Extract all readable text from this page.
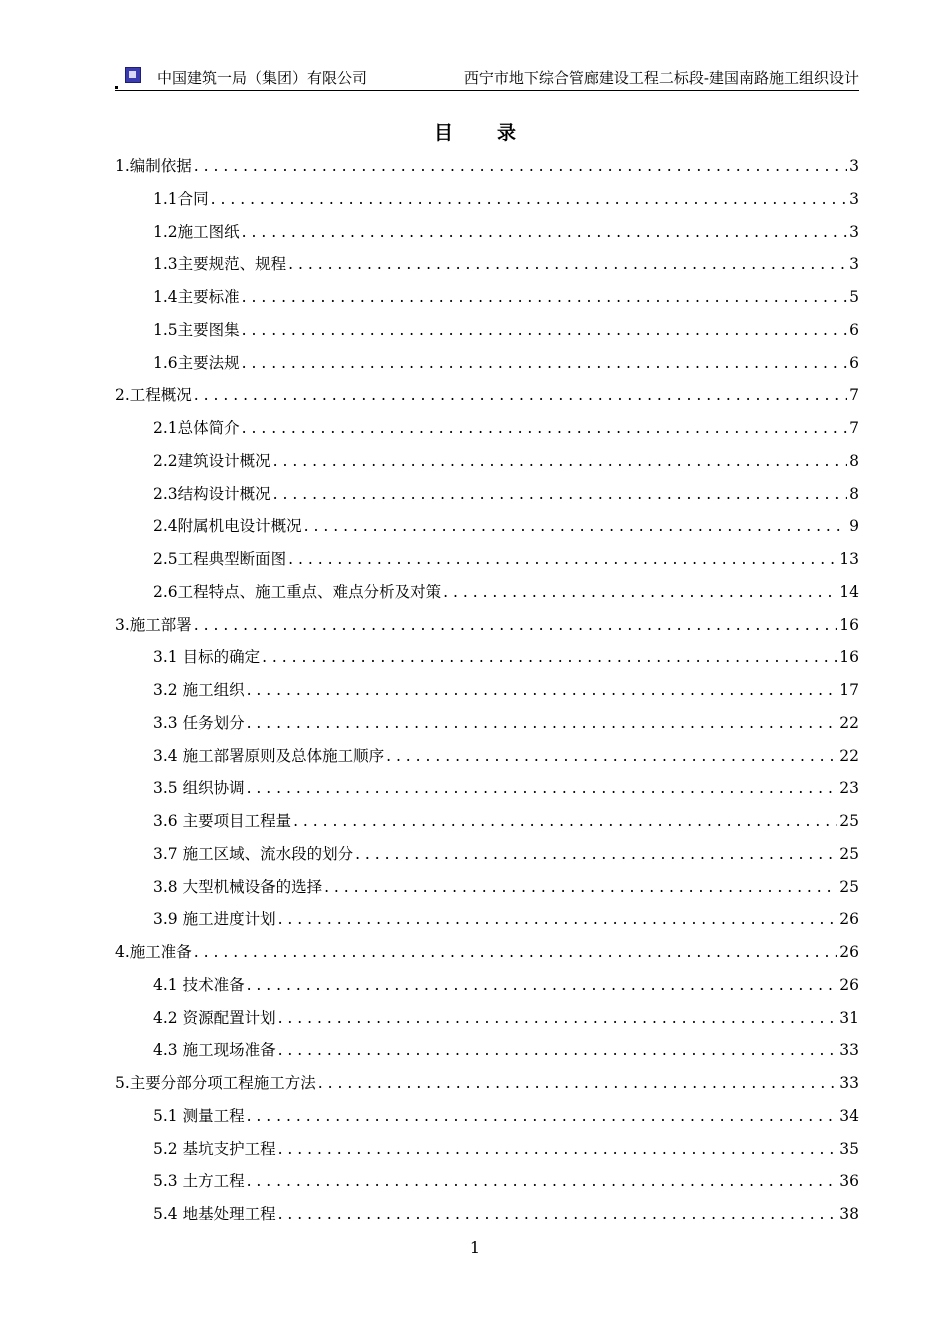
中国建筑一局（集团）有限公司	西宁市地下综合管廊建设工程二标段-建国南路施工组织设计
目 录
1.编制依据 . . .	3
1.1合同 . . .	3
1.2施工图纸 . . .	3
1.3主要规范、规程 . . .	3
1.4主要标准 . . .	5
1.5主要图集 . . .	6
1.6主要法规 . . .	6
2.工程概况 . . .	7
2.1总体简介 . . .	7
2.2建筑设计概况 . . .	8
2.3结构设计概况 . . .	8
2.4附属机电设计概况 . . .	9
2.5工程典型断面图 . . .	13
2.6工程特点、施工重点、难点分析及对策 . . .	14
3.施工部署 . . .	16
3.1 目标的确定 . . .	16
3.2 施工组织 . . .	17
3.3 任务划分 . . .	22
3.4 施工部署原则及总体施工顺序 . . .	22
3.5 组织协调 . . .	23
3.6 主要项目工程量 . . .	25
3.7 施工区域、流水段的划分 . . .	25
3.8 大型机械设备的选择 . . .	25
3.9 施工进度计划 . . .	26
4.施工准备 . . .	26
4.1 技术准备 . . .	26
4.2 资源配置计划 . . .	31
4.3 施工现场准备 . . .	33
5.主要分部分项工程施工方法 . . .	33
5.1 测量工程 . . .	34
5.2 基坑支护工程 . . .	35
5.3 土方工程 . . .	36
5.4 地基处理工程 . . .	38
1
